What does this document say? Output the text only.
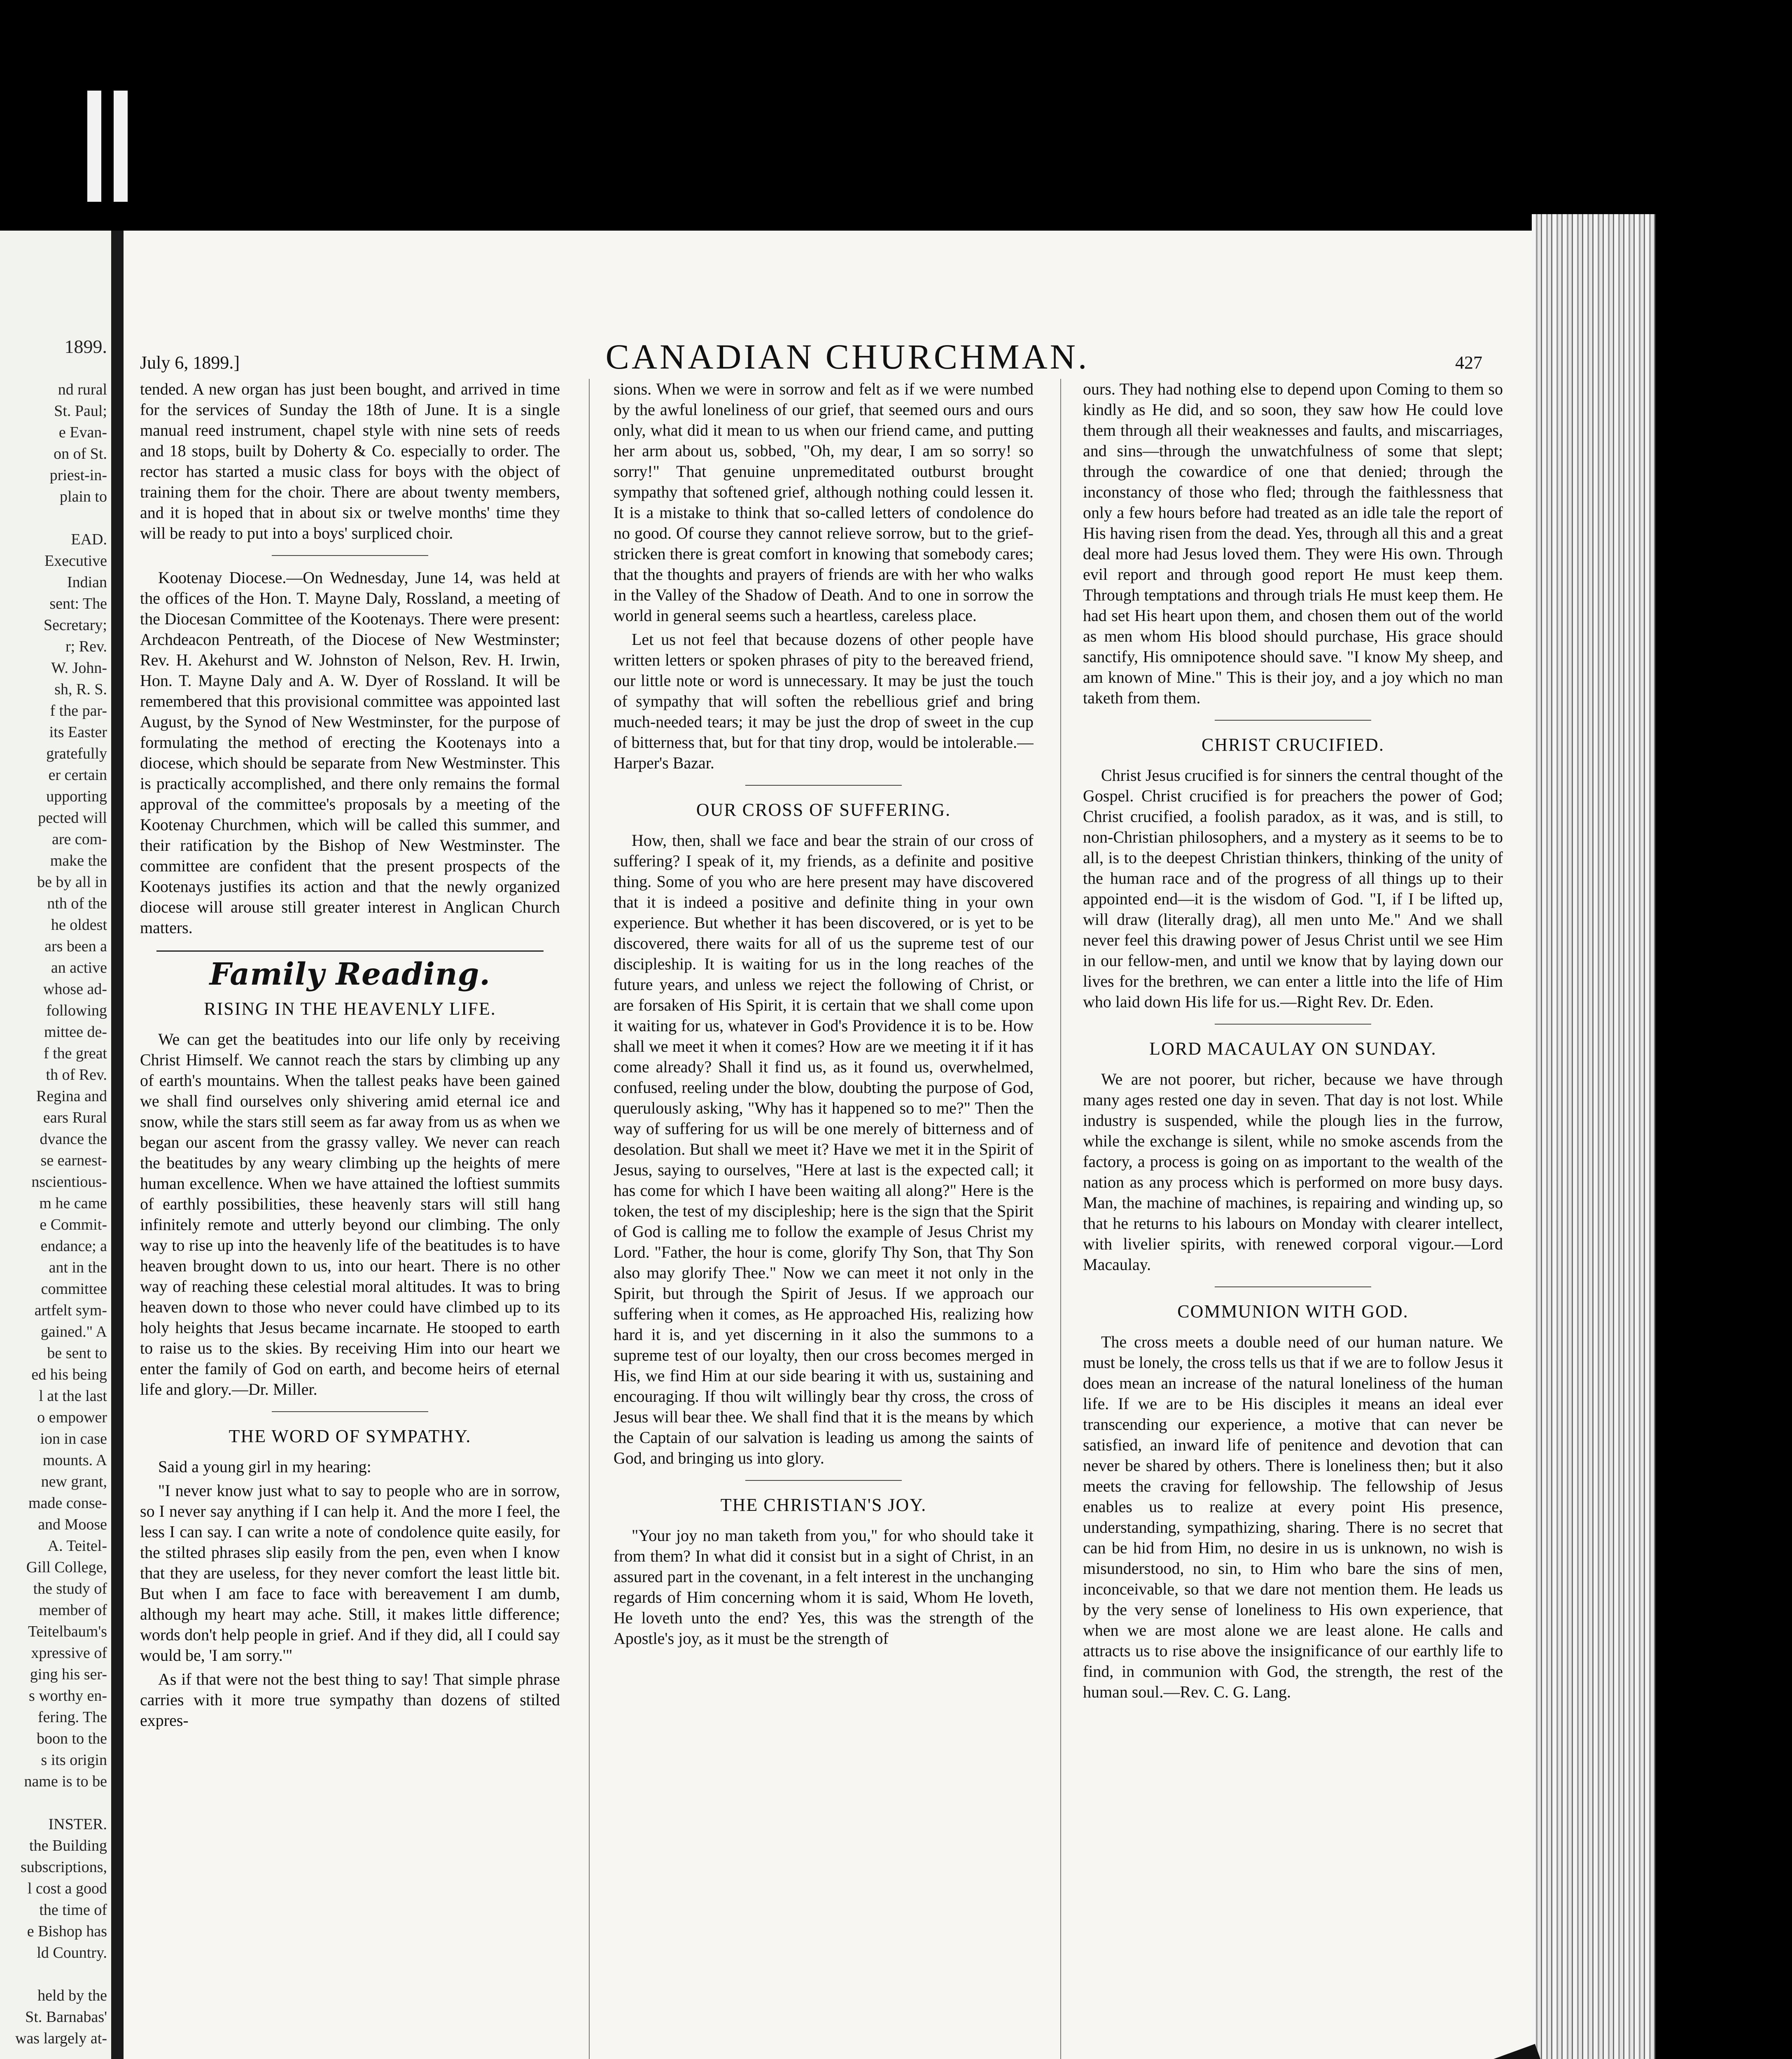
1899.
nd rural
St. Paul;
e Evan-
on of St.
priest-in-
plain to

EAD.
Executive
Indian
sent: The
Secretary;
r; Rev.
W. John-
sh, R. S.
f the par-
its Easter
gratefully
er certain
upporting
pected will
are com-
make the
be by all in
nth of the
he oldest
ars been a
an active
whose ad-
following
mittee de-
f the great
th of Rev.
Regina and
ears Rural
dvance the
se earnest-
nscientious-
m he came
e Commit-
endance; a
ant in the
committee
artfelt sym-
gained." A
be sent to
ed his being
l at the last
o empower
ion in case
mounts. A
new grant,
made conse-
and Moose
A. Teitel-
Gill College,
the study of
member of
Teitelbaum's
xpressive of
ging his ser-
s worthy en-
fering. The
boon to the
s its origin
name is to be

INSTER.
the Building
subscriptions,
l cost a good
the time of
e Bishop has
ld Country.

held by the
St. Barnabas'
was largely at-
July 6, 1899.]	CANADIAN CHURCHMAN.	427

tended. A new organ has just been bought, and arrived in time for the services of Sunday the 18th of June. It is a single manual reed instrument, chapel style with nine sets of reeds and 18 stops, built by Doherty & Co. especially to order. The rector has started a music class for boys with the object of training them for the choir. There are about twenty members, and it is hoped that in about six or twelve months' time they will be ready to put into a boys' surpliced choir.

Kootenay Diocese.—On Wednesday, June 14, was held at the offices of the Hon. T. Mayne Daly, Rossland, a meeting of the Diocesan Committee of the Kootenays. There were present: Archdeacon Pentreath, of the Diocese of New Westminster; Rev. H. Akehurst and W. Johnston of Nelson, Rev. H. Irwin, Hon. T. Mayne Daly and A. W. Dyer of Rossland. It will be remembered that this provisional committee was appointed last August, by the Synod of New Westminster, for the purpose of formulating the method of erecting the Kootenays into a diocese, which should be separate from New Westminster. This is practically accomplished, and there only remains the formal approval of the committee's proposals by a meeting of the Kootenay Churchmen, which will be called this summer, and their ratification by the Bishop of New Westminster. The committee are confident that the present prospects of the Kootenays justifies its action and that the newly organized diocese will arouse still greater interest in Anglican Church matters.

Family Reading.
RISING IN THE HEAVENLY LIFE.

We can get the beatitudes into our life only by receiving Christ Himself. We cannot reach the stars by climbing up any of earth's mountains. When the tallest peaks have been gained we shall find ourselves only shivering amid eternal ice and snow, while the stars still seem as far away from us as when we began our ascent from the grassy valley. We never can reach the beatitudes by any weary climbing up the heights of mere human excellence. When we have attained the loftiest summits of earthly possibilities, these heavenly stars will still hang infinitely remote and utterly beyond our climbing. The only way to rise up into the heavenly life of the beatitudes is to have heaven brought down to us, into our heart. There is no other way of reaching these celestial moral altitudes. It was to bring heaven down to those who never could have climbed up to its holy heights that Jesus became incarnate. He stooped to earth to raise us to the skies. By receiving Him into our heart we enter the family of God on earth, and become heirs of eternal life and glory.—Dr. Miller.

THE WORD OF SYMPATHY.

Said a young girl in my hearing:

"I never know just what to say to people who are in sorrow, so I never say anything if I can help it. And the more I feel, the less I can say. I can write a note of condolence quite easily, for the stilted phrases slip easily from the pen, even when I know that they are useless, for they never comfort the least little bit. But when I am face to face with bereavement I am dumb, although my heart may ache. Still, it makes little difference; words don't help people in grief. And if they did, all I could say would be, 'I am sorry.'"

As if that were not the best thing to say! That simple phrase carries with it more true sympathy than dozens of stilted expres-

sions. When we were in sorrow and felt as if we were numbed by the awful loneliness of our grief, that seemed ours and ours only, what did it mean to us when our friend came, and putting her arm about us, sobbed, "Oh, my dear, I am so sorry! so sorry!" That genuine unpremeditated outburst brought sympathy that softened grief, although nothing could lessen it. It is a mistake to think that so-called letters of condolence do no good. Of course they cannot relieve sorrow, but to the grief-stricken there is great comfort in knowing that somebody cares; that the thoughts and prayers of friends are with her who walks in the Valley of the Shadow of Death. And to one in sorrow the world in general seems such a heartless, careless place.

Let us not feel that because dozens of other people have written letters or spoken phrases of pity to the bereaved friend, our little note or word is unnecessary. It may be just the touch of sympathy that will soften the rebellious grief and bring much-needed tears; it may be just the drop of sweet in the cup of bitterness that, but for that tiny drop, would be intolerable.—Harper's Bazar.

OUR CROSS OF SUFFERING.

How, then, shall we face and bear the strain of our cross of suffering? I speak of it, my friends, as a definite and positive thing. Some of you who are here present may have discovered that it is indeed a positive and definite thing in your own experience. But whether it has been discovered, or is yet to be discovered, there waits for all of us the supreme test of our discipleship. It is waiting for us in the long reaches of the future years, and unless we reject the following of Christ, or are forsaken of His Spirit, it is certain that we shall come upon it waiting for us, whatever in God's Providence it is to be. How shall we meet it when it comes? How are we meeting it if it has come already? Shall it find us, as it found us, overwhelmed, confused, reeling under the blow, doubting the purpose of God, querulously asking, "Why has it happened so to me?" Then the way of suffering for us will be one merely of bitterness and of desolation. But shall we meet it? Have we met it in the Spirit of Jesus, saying to ourselves, "Here at last is the expected call; it has come for which I have been waiting all along?" Here is the token, the test of my discipleship; here is the sign that the Spirit of God is calling me to follow the example of Jesus Christ my Lord. "Father, the hour is come, glorify Thy Son, that Thy Son also may glorify Thee." Now we can meet it not only in the Spirit, but through the Spirit of Jesus. If we approach our suffering when it comes, as He approached His, realizing how hard it is, and yet discerning in it also the summons to a supreme test of our loyalty, then our cross becomes merged in His, we find Him at our side bearing it with us, sustaining and encouraging. If thou wilt willingly bear thy cross, the cross of Jesus will bear thee. We shall find that it is the means by which the Captain of our salvation is leading us among the saints of God, and bringing us into glory.

THE CHRISTIAN'S JOY.

"Your joy no man taketh from you," for who should take it from them? In what did it consist but in a sight of Christ, in an assured part in the covenant, in a felt interest in the unchanging regards of Him concerning whom it is said, Whom He loveth, He loveth unto the end? Yes, this was the strength of the Apostle's joy, as it must be the strength of

ours. They had nothing else to depend upon Coming to them so kindly as He did, and so soon, they saw how He could love them through all their weaknesses and faults, and miscarriages, and sins—through the unwatchfulness of some that slept; through the cowardice of one that denied; through the inconstancy of those who fled; through the faithlessness that only a few hours before had treated as an idle tale the report of His having risen from the dead. Yes, through all this and a great deal more had Jesus loved them. They were His own. Through evil report and through good report He must keep them. Through temptations and through trials He must keep them. He had set His heart upon them, and chosen them out of the world as men whom His blood should purchase, His grace should sanctify, His omnipotence should save. "I know My sheep, and am known of Mine." This is their joy, and a joy which no man taketh from them.

CHRIST CRUCIFIED.

Christ Jesus crucified is for sinners the central thought of the Gospel. Christ crucified is for preachers the power of God; Christ crucified, a foolish paradox, as it was, and is still, to non-Christian philosophers, and a mystery as it seems to be to all, is to the deepest Christian thinkers, thinking of the unity of the human race and of the progress of all things up to their appointed end—it is the wisdom of God. "I, if I be lifted up, will draw (literally drag), all men unto Me." And we shall never feel this drawing power of Jesus Christ until we see Him in our fellow-men, and until we know that by laying down our lives for the brethren, we can enter a little into the life of Him who laid down His life for us.—Right Rev. Dr. Eden.

LORD MACAULAY ON SUNDAY.

We are not poorer, but richer, because we have through many ages rested one day in seven. That day is not lost. While industry is suspended, while the plough lies in the furrow, while the exchange is silent, while no smoke ascends from the factory, a process is going on as important to the wealth of the nation as any process which is performed on more busy days. Man, the machine of machines, is repairing and winding up, so that he returns to his labours on Monday with clearer intellect, with livelier spirits, with renewed corporal vigour.—Lord Macaulay.

COMMUNION WITH GOD.

The cross meets a double need of our human nature. We must be lonely, the cross tells us that if we are to follow Jesus it does mean an increase of the natural loneliness of the human life. If we are to be His disciples it means an ideal ever transcending our experience, a motive that can never be satisfied, an inward life of penitence and devotion that can never be shared by others. There is loneliness then; but it also meets the craving for fellowship. The fellowship of Jesus enables us to realize at every point His presence, understanding, sympathizing, sharing. There is no secret that can be hid from Him, no desire in us is unknown, no wish is misunderstood, no sin, to Him who bare the sins of men, inconceivable, so that we dare not mention them. He leads us by the very sense of loneliness to His own experience, that when we are most alone we are least alone. He calls and attracts us to rise above the insignificance of our earthly life to find, in communion with God, the strength, the rest of the human soul.—Rev. C. G. Lang.
